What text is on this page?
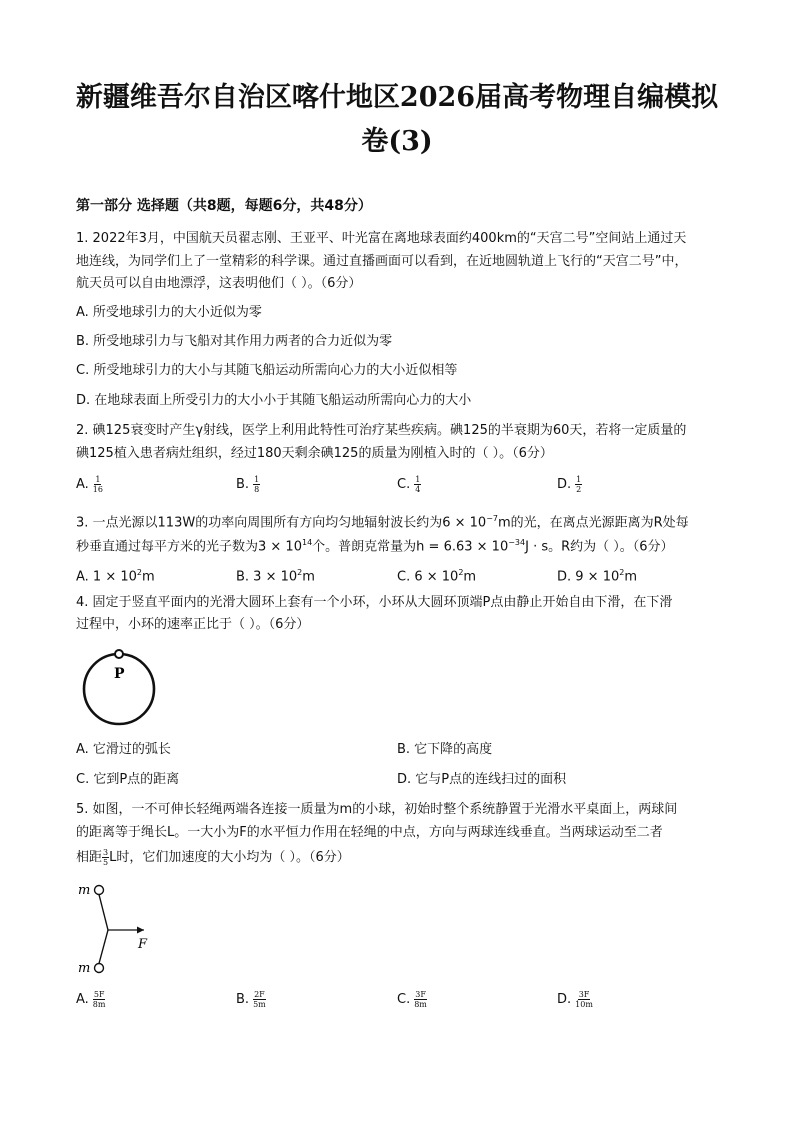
新疆维吾尔自治区喀什地区2026届高考物理自编模拟
卷(3)
第一部分 选择题（共8题，每题6分，共48分）
1. 2022年3月，中国航天员翟志刚、王亚平、叶光富在离地球表面约400km的“天宫二号”空间站上通过天
地连线，为同学们上了一堂精彩的科学课。通过直播画面可以看到，在近地圆轨道上飞行的“天宫二号”中，
航天员可以自由地漂浮，这表明他们（ ）。（6分）
A. 所受地球引力的大小近似为零
B. 所受地球引力与飞船对其作用力两者的合力近似为零
C. 所受地球引力的大小与其随飞船运动所需向心力的大小近似相等
D. 在地球表面上所受引力的大小小于其随飞船运动所需向心力的大小
2. 碘125衰变时产生γ射线，医学上利用此特性可治疗某些疾病。碘125的半衰期为60天，若将一定质量的
碘125植入患者病灶组织，经过180天剩余碘125的质量为刚植入时的（ ）。（6分）
A. $\frac{1}{16}$	B. $\frac{1}{8}$	C. $\frac{1}{4}$	D. $\frac{1}{2}$
3. 一点光源以113W的功率向周围所有方向均匀地辐射波长约为$6 \times 10^{-7}m$的光，在离点光源距离为R处每
秒垂直通过每平方米的光子数为$3 \times 10^{14}$个。普朗克常量为$h = 6.63 \times 10^{-34}J \cdot s$。R约为（ ）。（6分）
A. $1 \times 10^2m$	B. $3 \times 10^2m$	C. $6 \times 10^2m$	D. $9 \times 10^2m$
4. 固定于竖直平面内的光滑大圆环上套有一个小环，小环从大圆环顶端P点由静止开始自由下滑，在下滑
过程中，小环的速率正比于（ ）。（6分）
P
A. 它滑过的弧长	B. 它下降的高度
C. 它到P点的距离	D. 它与P点的连线扫过的面积
5. 如图，一不可伸长轻绳两端各连接一质量为m的小球，初始时整个系统静置于光滑水平桌面上，两球间
的距离等于绳长L。一大小为F的水平恒力作用在轻绳的中点，方向与两球连线垂直。当两球运动至二者
相距 $\frac{3}{5}$ L时，它们加速度的大小均为（ ）。（6分）
m
m
F
A. $\frac{5F}{8m}$	B. $\frac{2F}{5m}$	C. $\frac{3F}{8m}$	D. $\frac{3F}{10m}$
